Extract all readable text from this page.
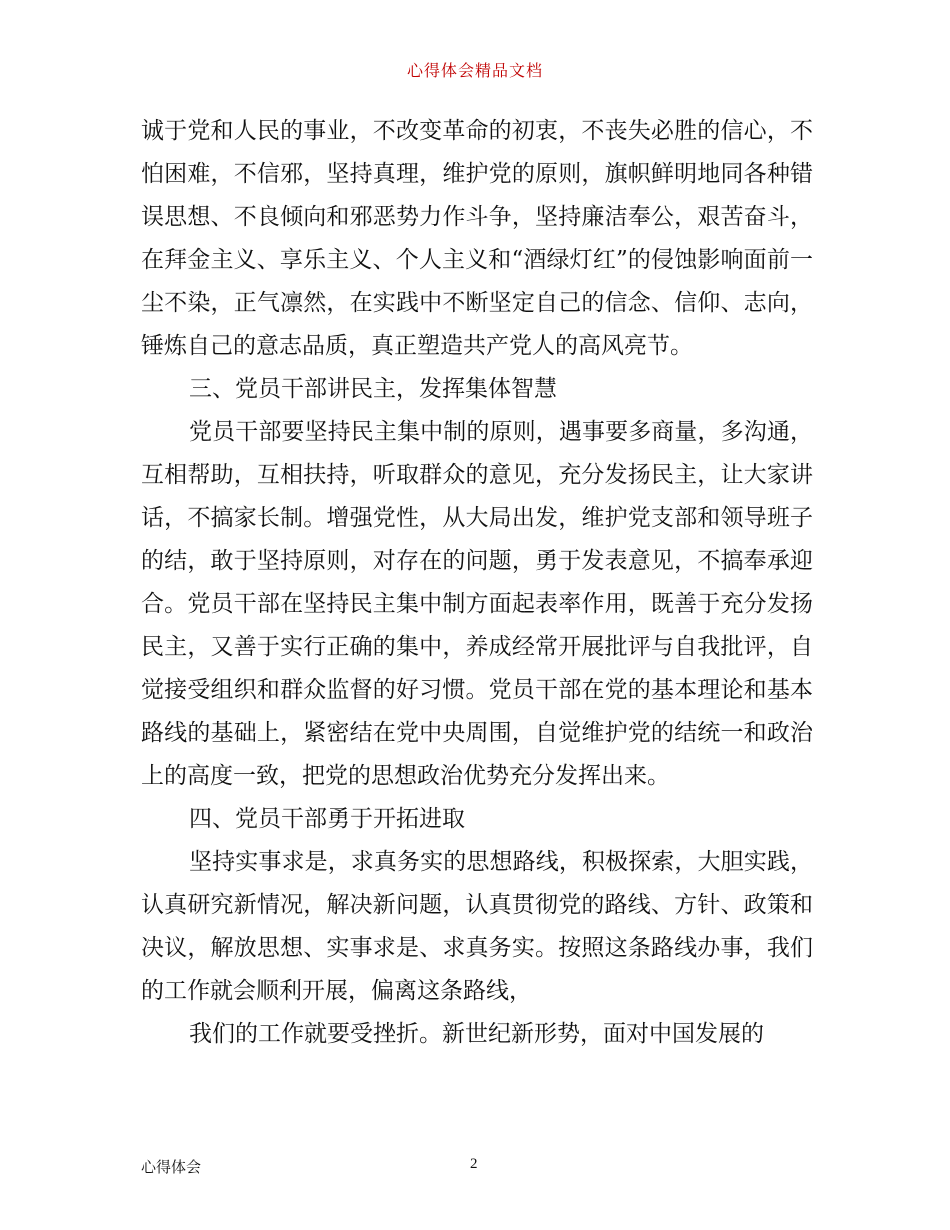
心得体会精品文档

诚于党和人民的事业，不改变革命的初衷，不丧失必胜的信心，不怕困难，不信邪，坚持真理，维护党的原则，旗帜鲜明地同各种错误思想、不良倾向和邪恶势力作斗争，坚持廉洁奉公，艰苦奋斗，在拜金主义、享乐主义、个人主义和“酒绿灯红”的侵蚀影响面前一尘不染，正气凛然，在实践中不断坚定自己的信念、信仰、志向，锤炼自己的意志品质，真正塑造共产党人的高风亮节。

三、党员干部讲民主，发挥集体智慧

党员干部要坚持民主集中制的原则，遇事要多商量，多沟通，互相帮助，互相扶持，听取群众的意见，充分发扬民主，让大家讲话，不搞家长制。增强党性，从大局出发，维护党支部和领导班子的结，敢于坚持原则，对存在的问题，勇于发表意见，不搞奉承迎合。党员干部在坚持民主集中制方面起表率作用，既善于充分发扬民主，又善于实行正确的集中，养成经常开展批评与自我批评，自觉接受组织和群众监督的好习惯。党员干部在党的基本理论和基本路线的基础上，紧密结在党中央周围，自觉维护党的结统一和政治上的高度一致，把党的思想政治优势充分发挥出来。

四、党员干部勇于开拓进取

坚持实事求是，求真务实的思想路线，积极探索，大胆实践，认真研究新情况，解决新问题，认真贯彻党的路线、方针、政策和决议，解放思想、实事求是、求真务实。按照这条路线办事，我们的工作就会顺利开展，偏离这条路线，

我们的工作就要受挫折。新世纪新形势，面对中国发展的

心得体会	2
